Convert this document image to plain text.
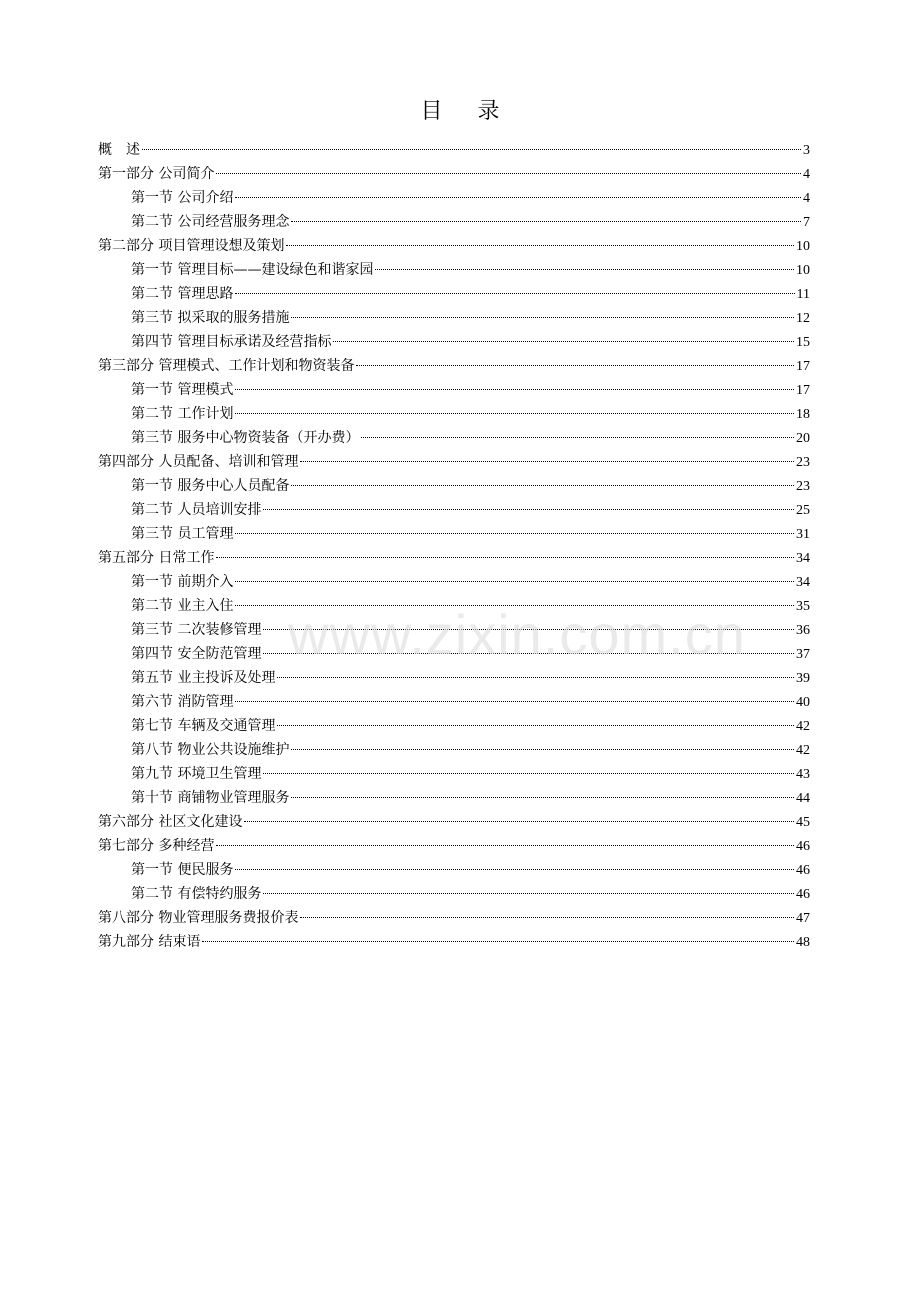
目 录
概　述	3
第一部分 公司简介	4
第一节 公司介绍	4
第二节 公司经营服务理念	7
第二部分 项目管理设想及策划	10
第一节 管理目标——建设绿色和谐家园	10
第二节 管理思路	11
第三节 拟采取的服务措施	12
第四节 管理目标承诺及经营指标	15
第三部分 管理模式、工作计划和物资装备	17
第一节 管理模式	17
第二节 工作计划	18
第三节 服务中心物资装备（开办费）	20
第四部分 人员配备、培训和管理	23
第一节 服务中心人员配备	23
第二节 人员培训安排	25
第三节 员工管理	31
第五部分 日常工作	34
第一节 前期介入	34
第二节 业主入住	35
第三节 二次装修管理	36
第四节 安全防范管理	37
第五节 业主投诉及处理	39
第六节 消防管理	40
第七节 车辆及交通管理	42
第八节 物业公共设施维护	42
第九节 环境卫生管理	43
第十节 商铺物业管理服务	44
第六部分 社区文化建设	45
第七部分 多种经营	46
第一节 便民服务	46
第二节 有偿特约服务	46
第八部分 物业管理服务费报价表	47
第九部分 结束语	48
www.zixin.com.cn
